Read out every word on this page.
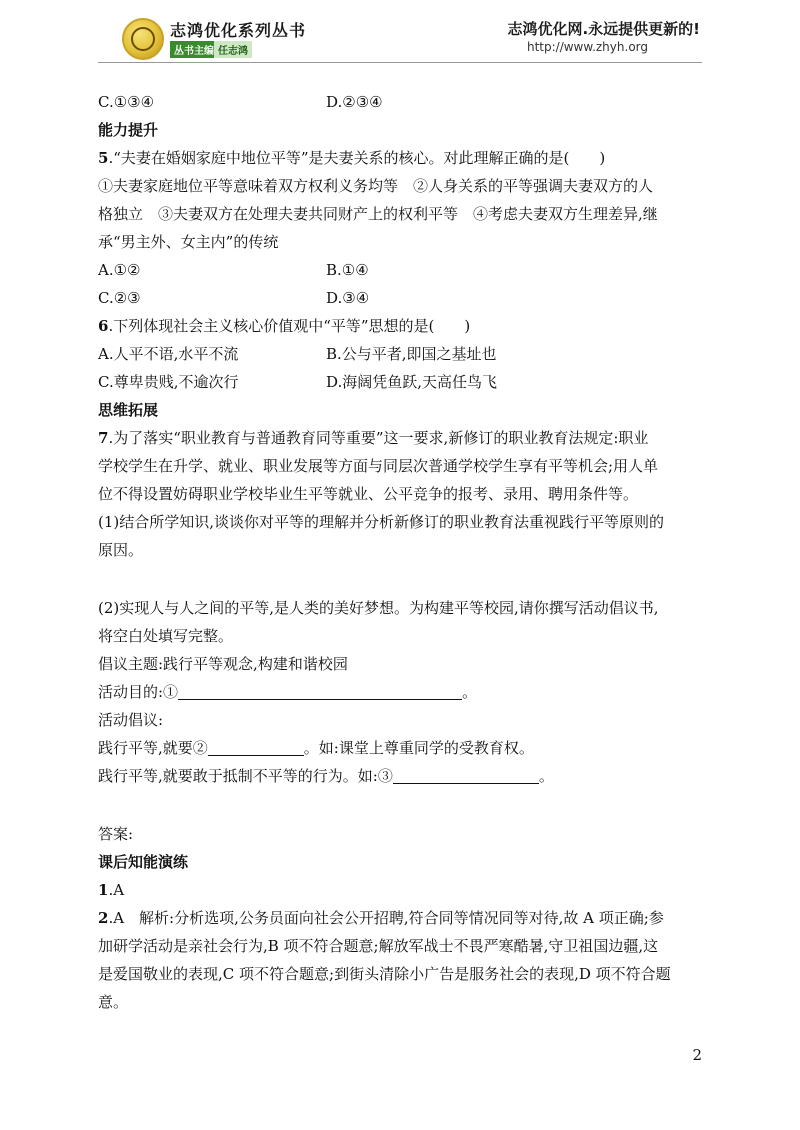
志鸿优化系列丛书
丛书主编 任志鸿
志鸿优化网.永远提供更新的!
http://www.zhyh.org
C.①③④	D.②③④
能力提升
5.“夫妻在婚姻家庭中地位平等”是夫妻关系的核心。对此理解正确的是(　　)
①夫妻家庭地位平等意味着双方权利义务均等　②人身关系的平等强调夫妻双方的人
格独立　③夫妻双方在处理夫妻共同财产上的权利平等　④考虑夫妻双方生理差异,继
承“男主外、女主内”的传统
A.①②	B.①④
C.②③	D.③④
6.下列体现社会主义核心价值观中“平等”思想的是(　　)
A.人平不语,水平不流	B.公与平者,即国之基址也
C.尊卑贵贱,不逾次行	D.海阔凭鱼跃,天高任鸟飞
思维拓展
7.为了落实“职业教育与普通教育同等重要”这一要求,新修订的职业教育法规定:职业
学校学生在升学、就业、职业发展等方面与同层次普通学校学生享有平等机会;用人单
位不得设置妨碍职业学校毕业生平等就业、公平竞争的报考、录用、聘用条件等。
(1)结合所学知识,谈谈你对平等的理解并分析新修订的职业教育法重视践行平等原则的
原因。
(2)实现人与人之间的平等,是人类的美好梦想。为构建平等校园,请你撰写活动倡议书,
将空白处填写完整。
倡议主题:践行平等观念,构建和谐校园
活动目的:①	。
活动倡议:
践行平等,就要②	。如:课堂上尊重同学的受教育权。
践行平等,就要敢于抵制不平等的行为。如:③	。
答案:
课后知能演练
1.A
2.A　解析:分析选项,公务员面向社会公开招聘,符合同等情况同等对待,故 A 项正确;参
加研学活动是亲社会行为,B 项不符合题意;解放军战士不畏严寒酷暑,守卫祖国边疆,这
是爱国敬业的表现,C 项不符合题意;到街头清除小广告是服务社会的表现,D 项不符合题
意。
2
